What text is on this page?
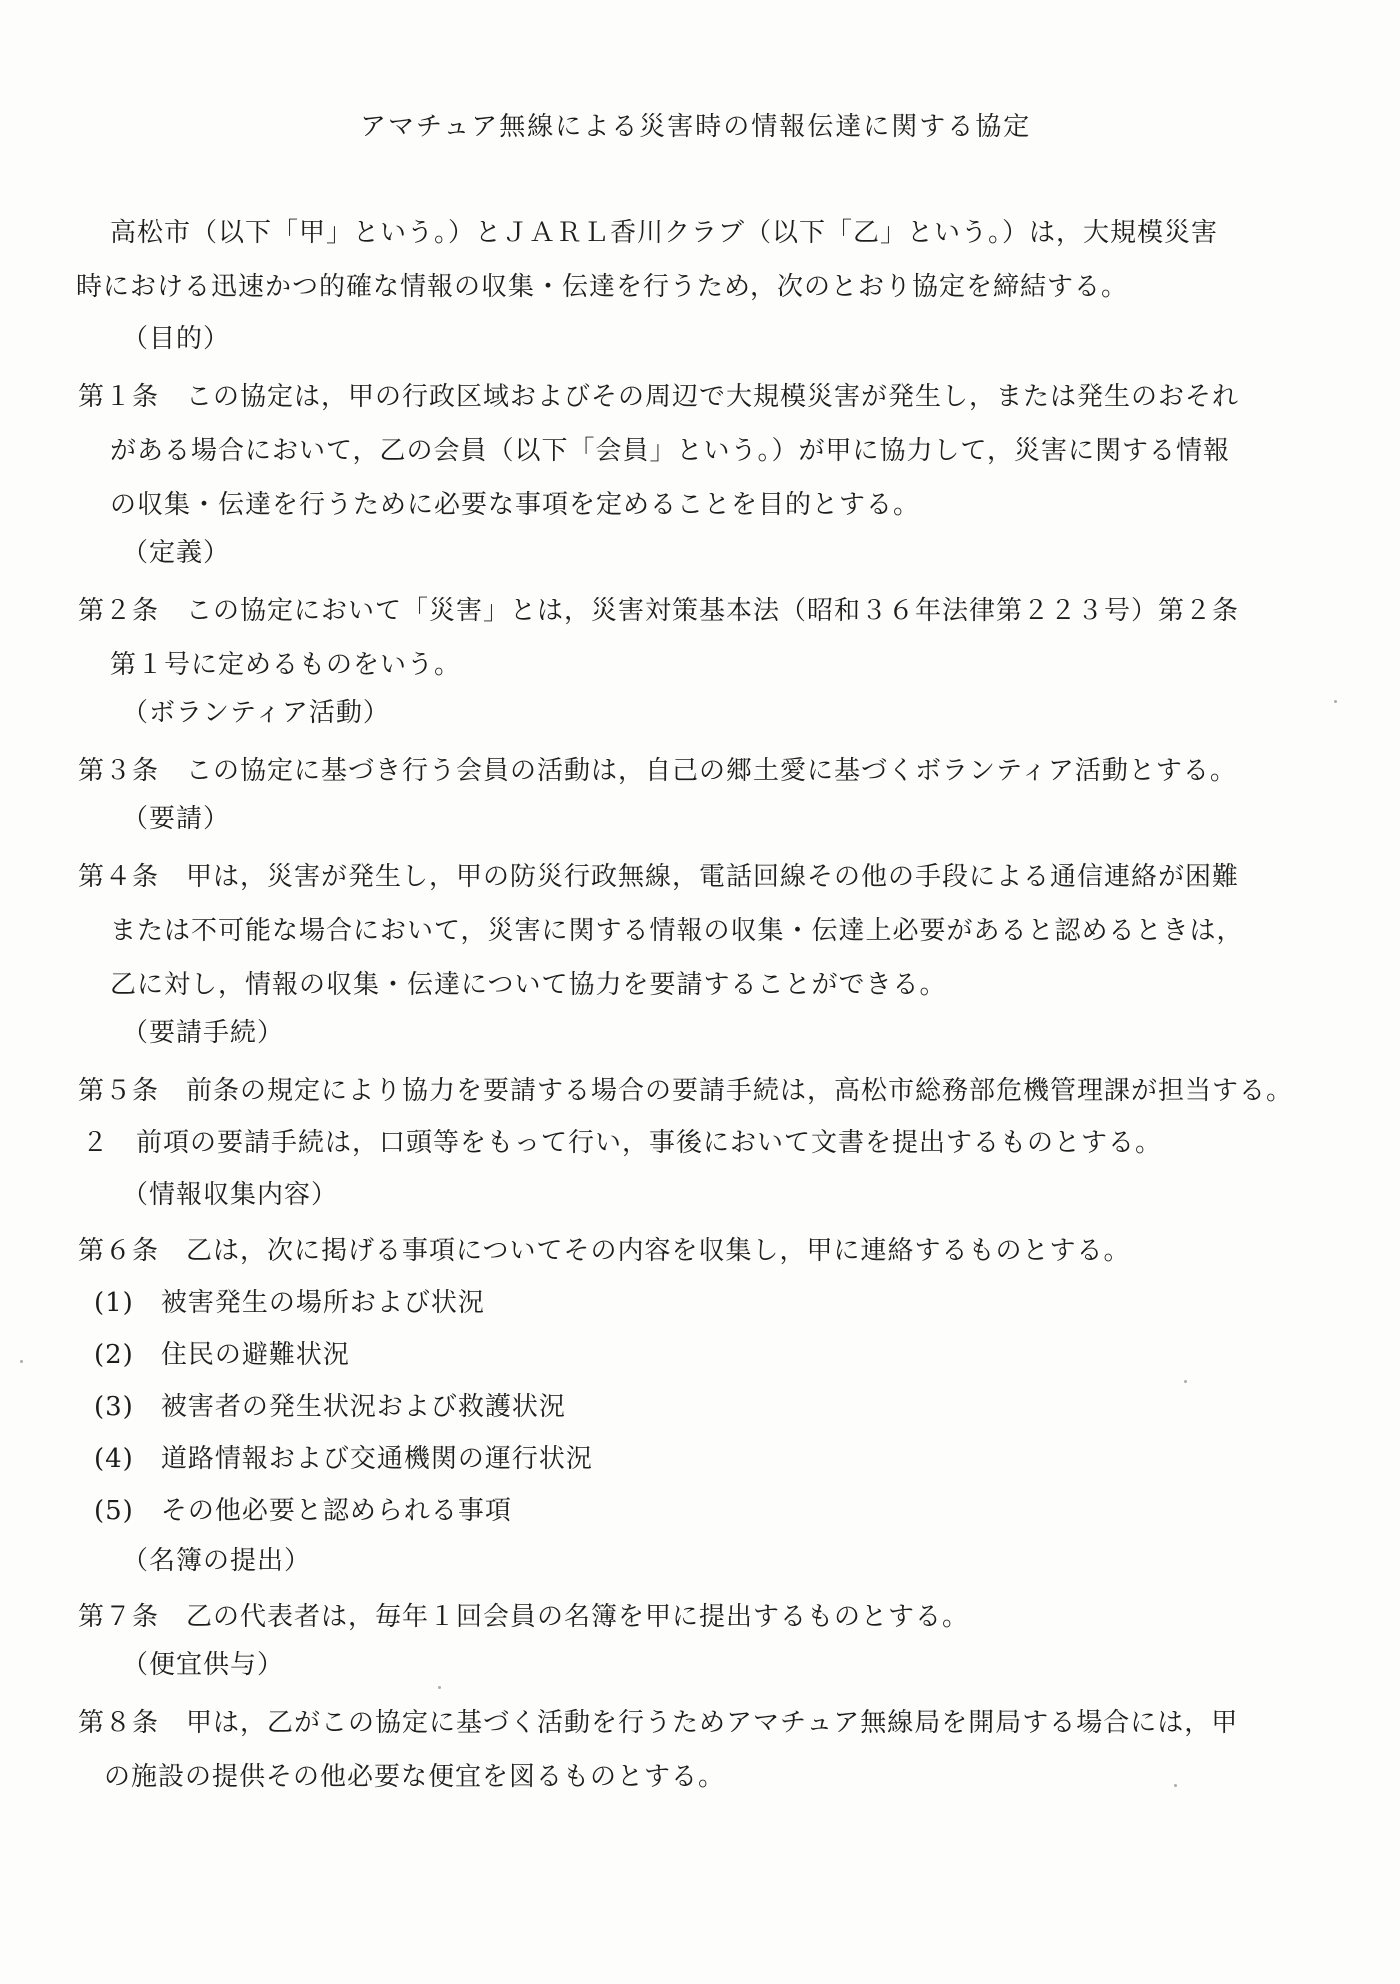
アマチュア無線による災害時の情報伝達に関する協定
高松市（以下「甲」という。）とＪＡＲＬ香川クラブ（以下「乙」という。）は，大規模災害
時における迅速かつ的確な情報の収集・伝達を行うため，次のとおり協定を締結する。
（目的）
第１条　この協定は，甲の行政区域およびその周辺で大規模災害が発生し，または発生のおそれ
がある場合において，乙の会員（以下「会員」という。）が甲に協力して，災害に関する情報
の収集・伝達を行うために必要な事項を定めることを目的とする。
（定義）
第２条　この協定において「災害」とは，災害対策基本法（昭和３６年法律第２２３号）第２条
第１号に定めるものをいう。
（ボランティア活動）
第３条　この協定に基づき行う会員の活動は，自己の郷土愛に基づくボランティア活動とする。
（要請）
第４条　甲は，災害が発生し，甲の防災行政無線，電話回線その他の手段による通信連絡が困難
または不可能な場合において，災害に関する情報の収集・伝達上必要があると認めるときは，
乙に対し，情報の収集・伝達について協力を要請することができる。
（要請手続）
第５条　前条の規定により協力を要請する場合の要請手続は，高松市総務部危機管理課が担当する。
２　前項の要請手続は，口頭等をもって行い，事後において文書を提出するものとする。
（情報収集内容）
第６条　乙は，次に掲げる事項についてその内容を収集し，甲に連絡するものとする。
(1)　被害発生の場所および状況
(2)　住民の避難状況
(3)　被害者の発生状況および救護状況
(4)　道路情報および交通機関の運行状況
(5)　その他必要と認められる事項
（名簿の提出）
第７条　乙の代表者は，毎年１回会員の名簿を甲に提出するものとする。
（便宜供与）
第８条　甲は，乙がこの協定に基づく活動を行うためアマチュア無線局を開局する場合には，甲
の施設の提供その他必要な便宜を図るものとする。
